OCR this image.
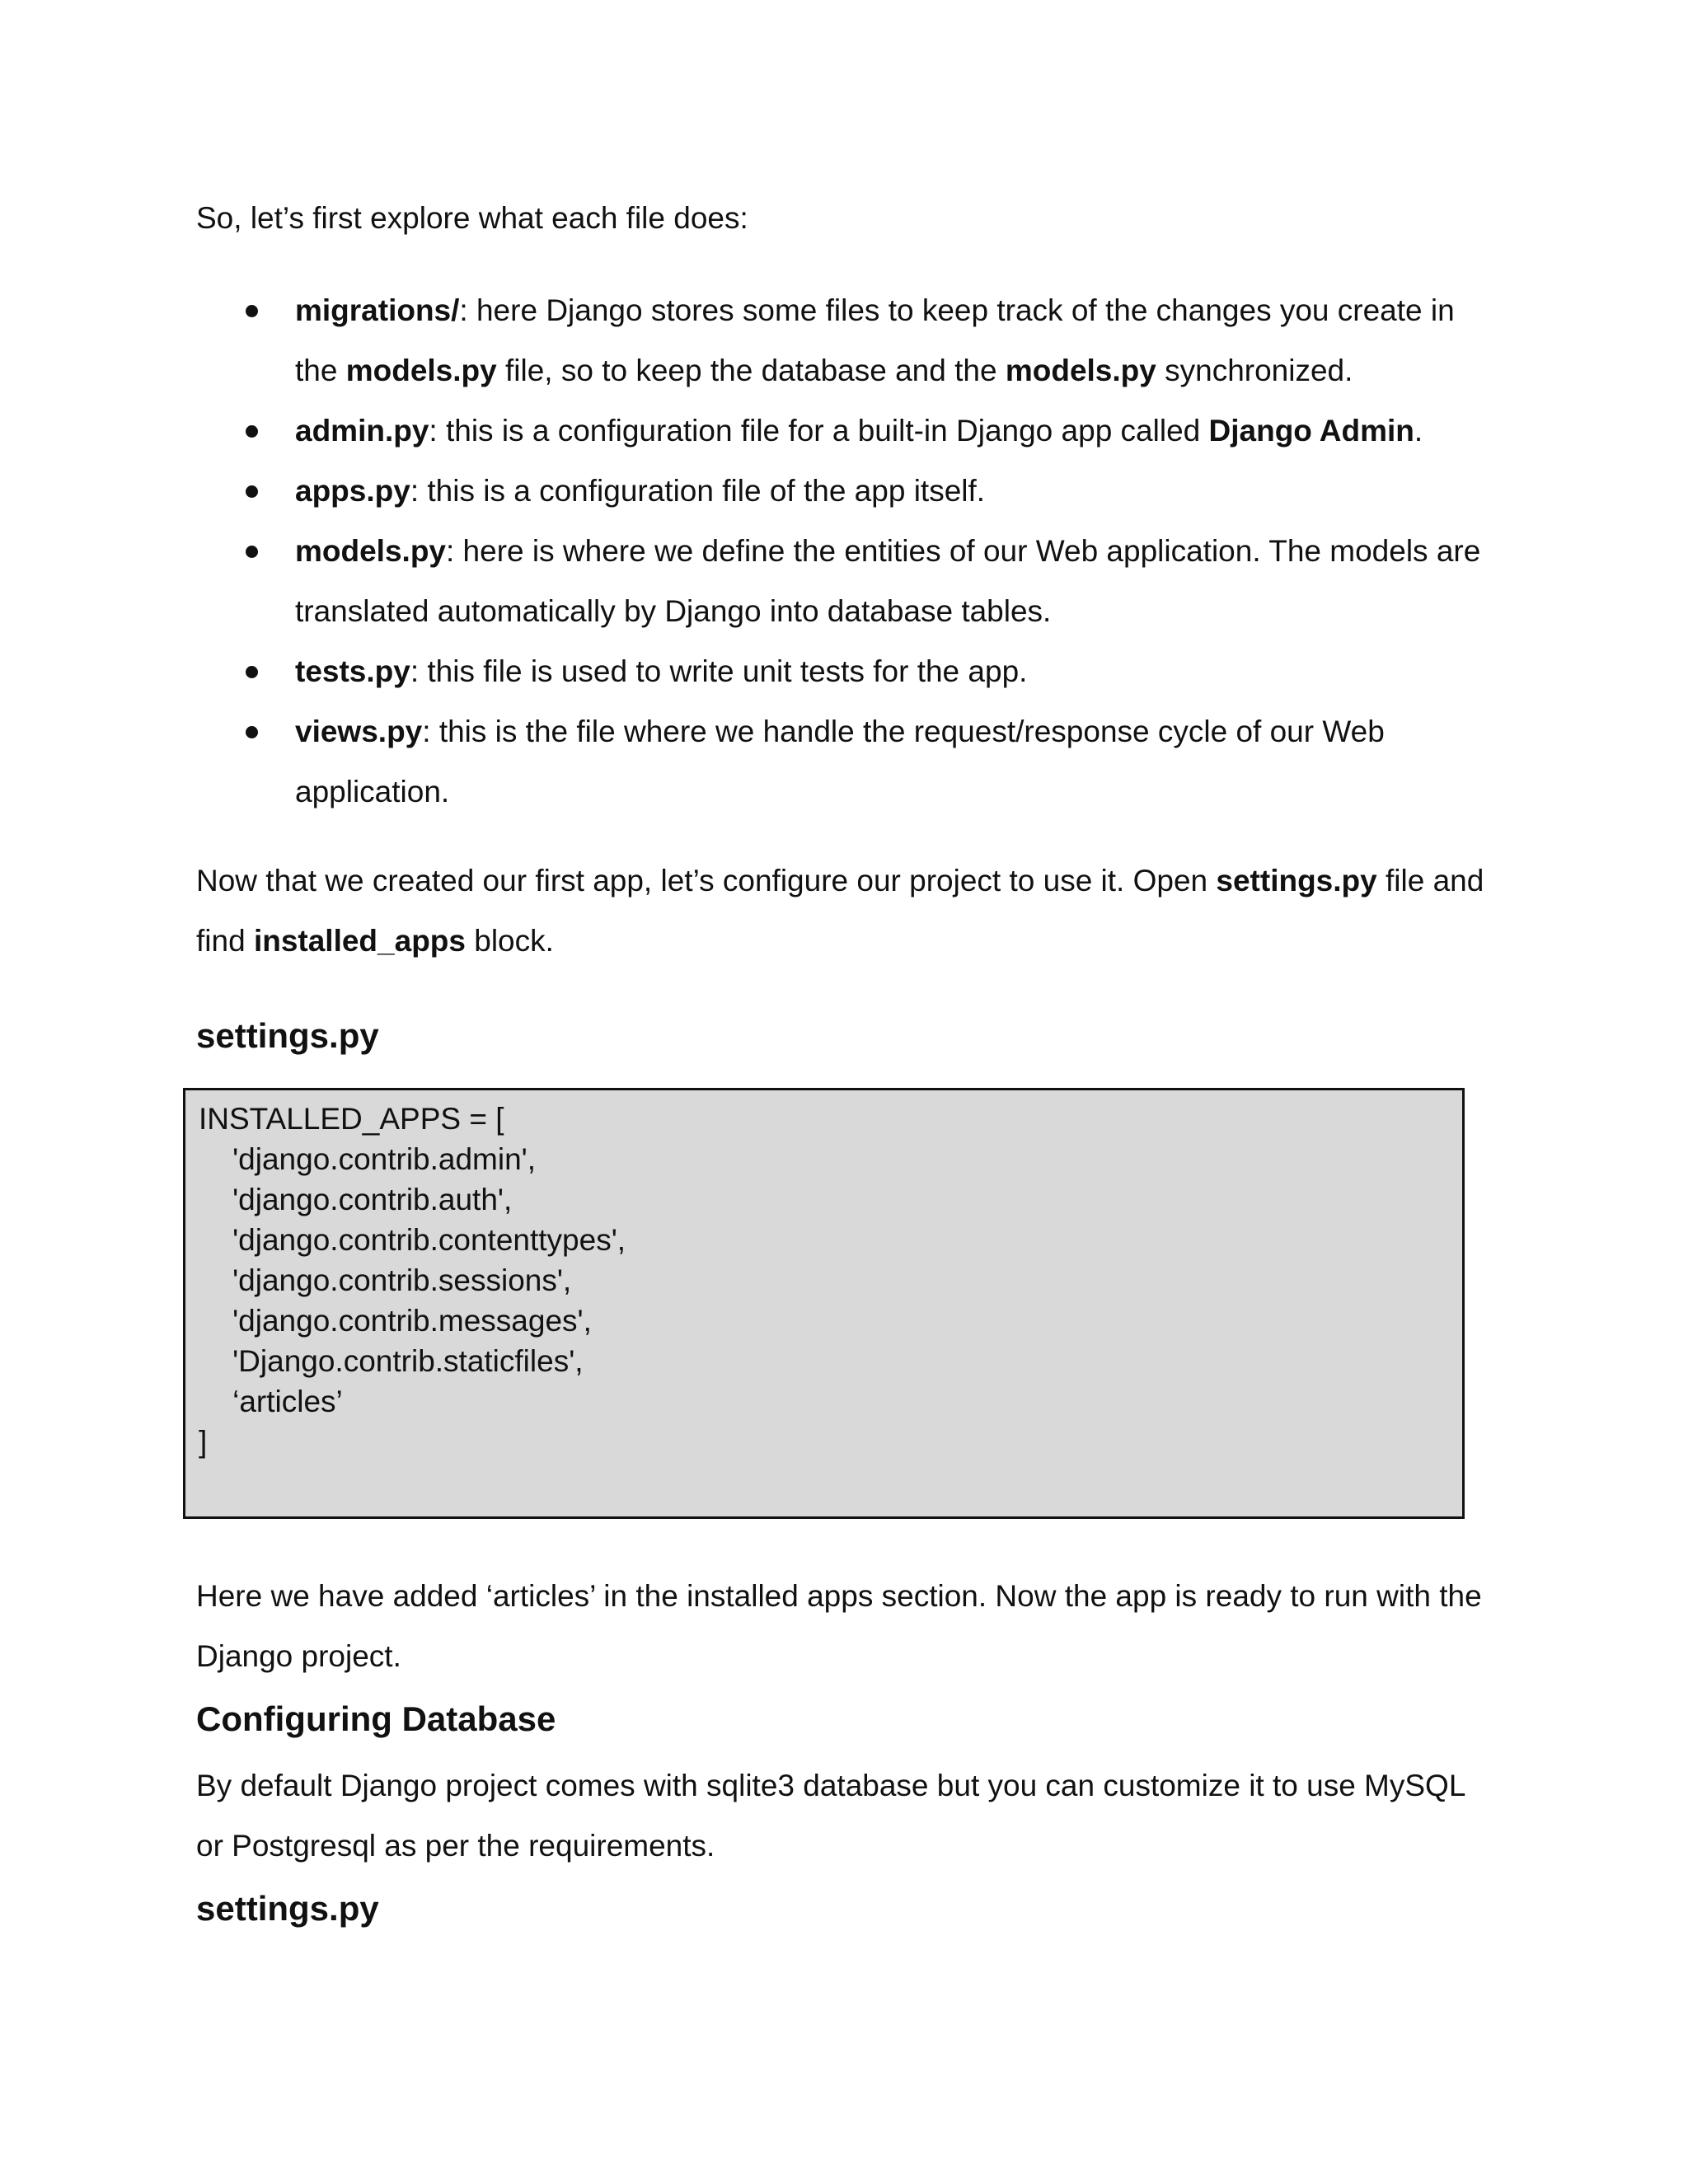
So, let’s first explore what each file does:

migrations/: here Django stores some files to keep track of the changes you create in
the models.py file, so to keep the database and the models.py synchronized.
admin.py: this is a configuration file for a built-in Django app called Django Admin.
apps.py: this is a configuration file of the app itself.
models.py: here is where we define the entities of our Web application. The models are
translated automatically by Django into database tables.
tests.py: this file is used to write unit tests for the app.
views.py: this is the file where we handle the request/response cycle of our Web
application.

Now that we created our first app, let’s configure our project to use it. Open settings.py file and
find installed_apps block.

settings.py
INSTALLED_APPS = [
'django.contrib.admin',
'django.contrib.auth',
'django.contrib.contenttypes',
'django.contrib.sessions',
'django.contrib.messages',
'Django.contrib.staticfiles',
‘articles’
]

Here we have added ‘articles’ in the installed apps section. Now the app is ready to run with the
Django project.

Configuring Database

By default Django project comes with sqlite3 database but you can customize it to use MySQL
or Postgresql as per the requirements.

settings.py
